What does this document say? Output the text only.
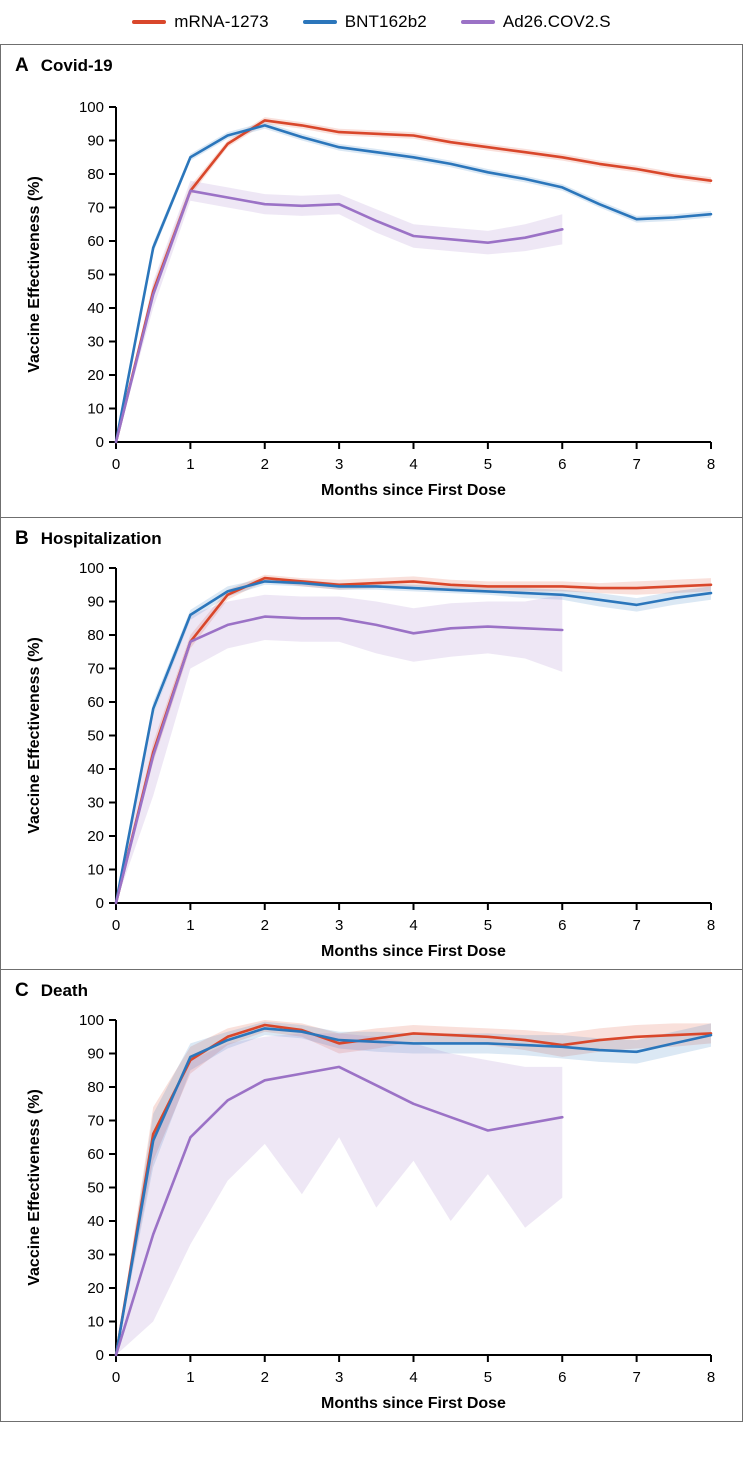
mRNA-1273	BNT162b2	Ad26.COV2.S
A Covid-19
0
10
20
30
40
50
60
70
80
90
100
0	1	2	3	4	5	6	7	8
Months since First Dose
Vaccine Effectiveness (%)
B Hospitalization
0
10
20
30
40
50
60
70
80
90
100
0	1	2	3	4	5	6	7	8
Months since First Dose
Vaccine Effectiveness (%)
C Death
0
10
20
30
40
50
60
70
80
90
100
0	1	2	3	4	5	6	7	8
Months since First Dose
Vaccine Effectiveness (%)
